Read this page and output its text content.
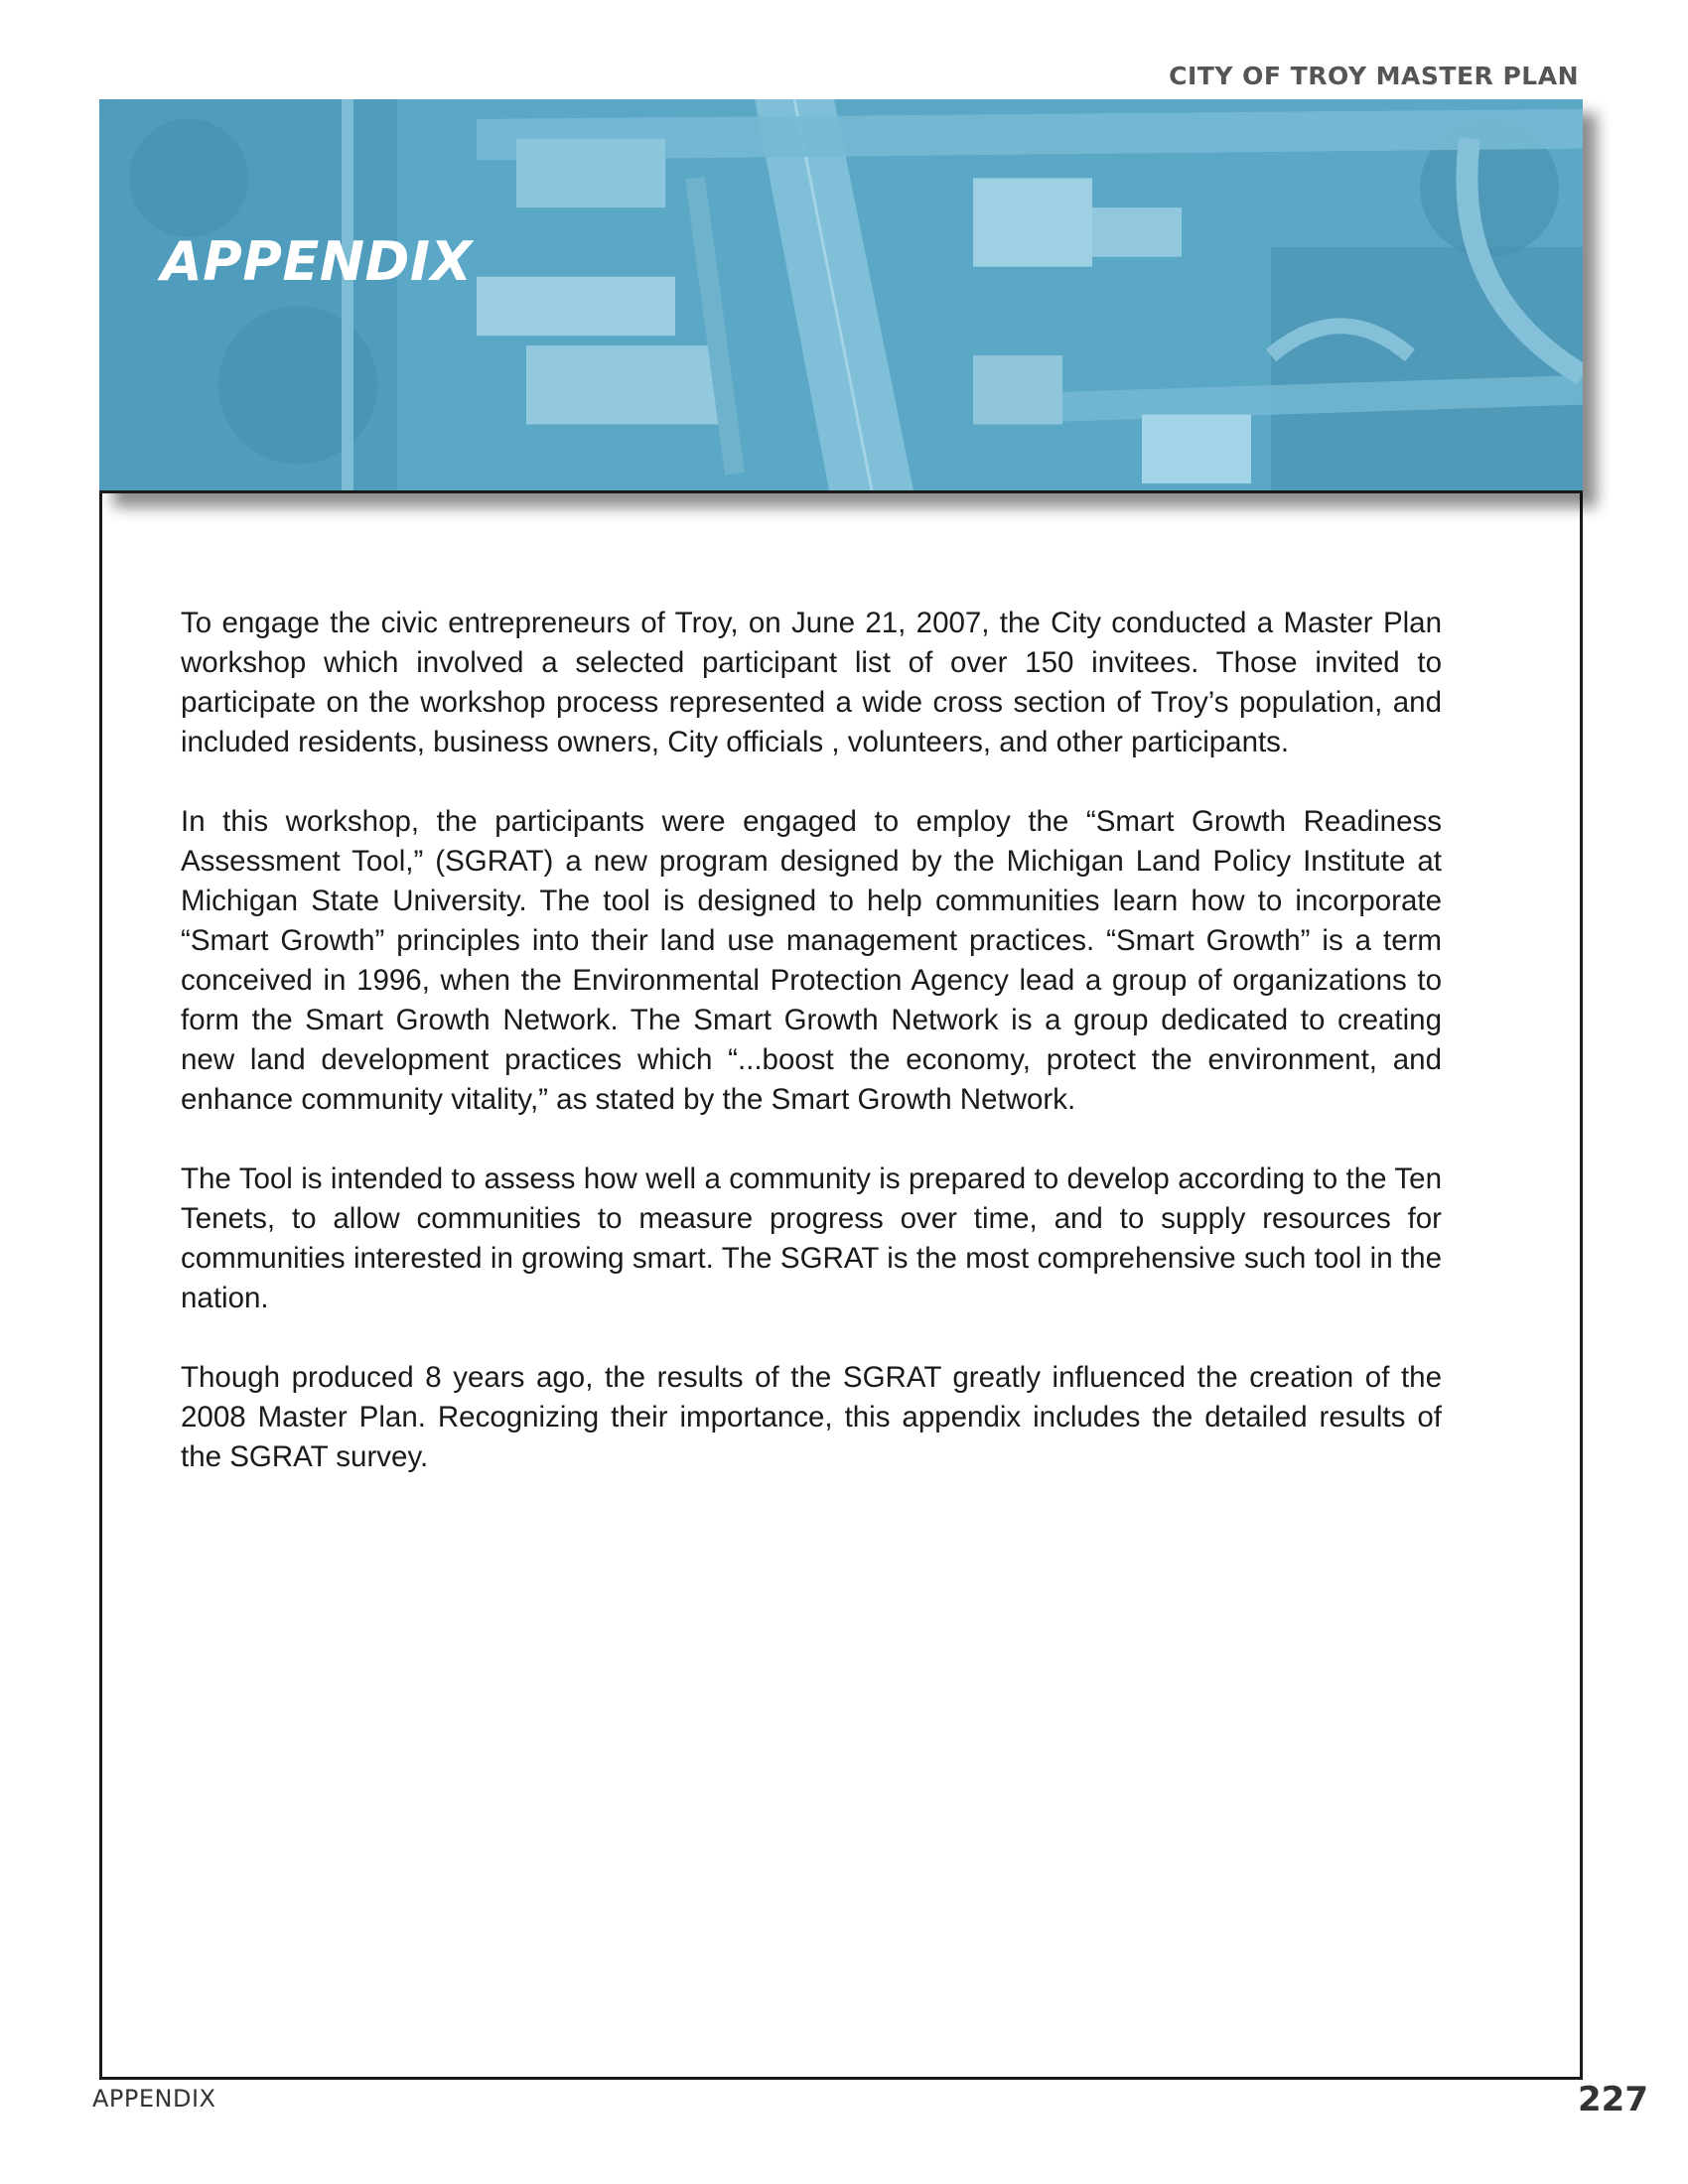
CITY OF TROY MASTER PLAN
APPENDIX

To engage the civic entrepreneurs of Troy, on June 21, 2007, the City conducted a Master Plan workshop which involved a selected participant list of over 150 invitees. Those invited to participate on the workshop process represented a wide cross section of Troy’s population, and included residents, business owners, City officials , volunteers, and other participants.

In this workshop, the participants were engaged to employ the “Smart Growth Readiness Assessment Tool,” (SGRAT) a new program designed by the Michigan Land Policy Institute at Michigan State University. The tool is designed to help communities learn how to incorporate “Smart Growth” principles into their land use management practices. “Smart Growth” is a term conceived in 1996, when the Environmental Protection Agency lead a group of organizations to form the Smart Growth Network. The Smart Growth Network is a group dedicated to creating new land development practices which “...boost the economy, protect the environment, and enhance community vitality,” as stated by the Smart Growth Network.

The Tool is intended to assess how well a community is prepared to develop according to the Ten Tenets, to allow communities to measure progress over time, and to supply resources for communities interested in growing smart. The SGRAT is the most comprehensive such tool in the nation.

Though produced 8 years ago, the results of the SGRAT greatly influenced the creation of the 2008 Master Plan. Recognizing their importance, this appendix includes the detailed results of the SGRAT survey.

APPENDIX	227
